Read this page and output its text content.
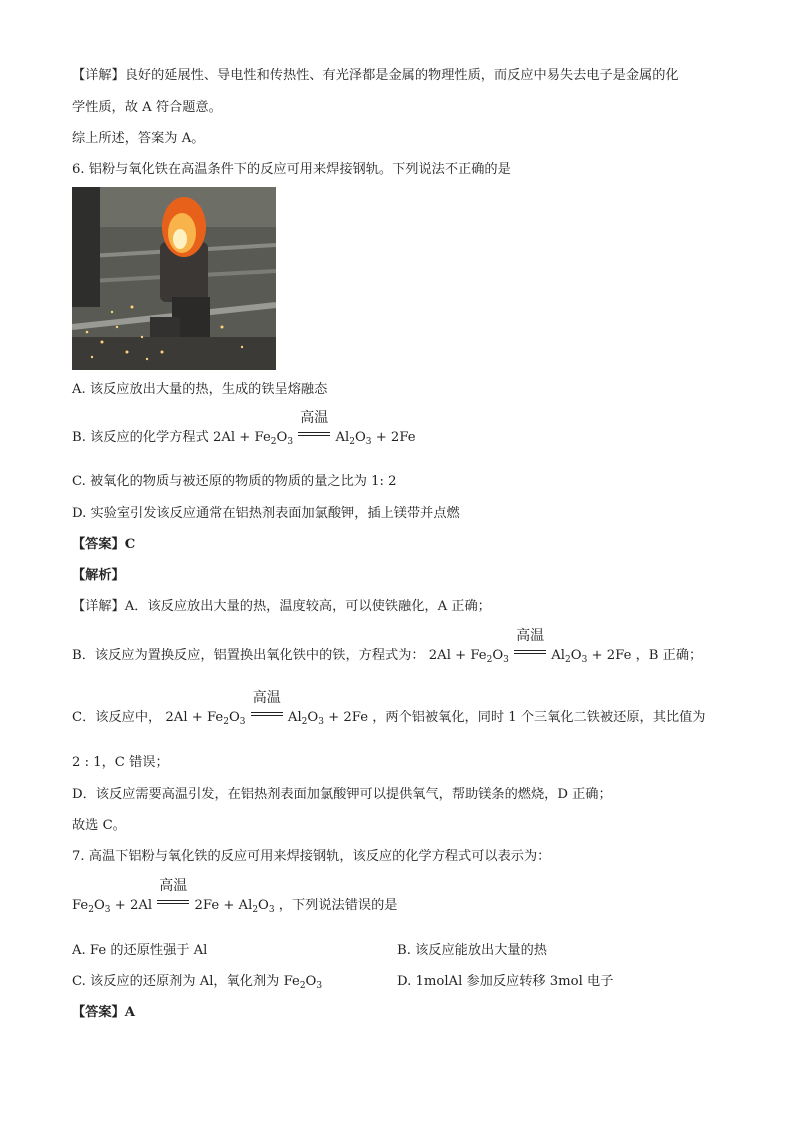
【详解】良好的延展性、导电性和传热性、有光泽都是金属的物理性质，而反应中易失去电子是金属的化
学性质，故 A 符合题意。
综上所述，答案为 A。
6. 铝粉与氧化铁在高温条件下的反应可用来焊接钢轨。下列说法不正确的是
A. 该反应放出大量的热，生成的铁呈熔融态
B. 该反应的化学方程式 $2Al + Fe_2O_3$
高温
$Al_2O_3 + 2Fe$
C. 被氧化的物质与被还原的物质的物质的量之比为 1: 2
D. 实验室引发该反应通常在铝热剂表面加氯酸钾，插上镁带并点燃
【答案】C
【解析】
【详解】A．该反应放出大量的热，温度较高，可以使铁融化，A 正确；
B．该反应为置换反应，铝置换出氧化铁中的铁，方程式为： $2Al + Fe_2O_3$
高温
$Al_2O_3 + 2Fe$ ，B 正确；
C．该反应中， $2Al + Fe_2O_3$
高温
$Al_2O_3 + 2Fe$ ，两个铝被氧化，同时 1 个三氧化二铁被还原，其比值为
2 : 1，C 错误；
D．该反应需要高温引发，在铝热剂表面加氯酸钾可以提供氧气，帮助镁条的燃烧，D 正确；
故选 C。
7. 高温下铝粉与氧化铁的反应可用来焊接钢轨，该反应的化学方程式可以表示为：
$Fe_2O_3 + 2Al$
高温
$2Fe + Al_2O_3$ ，下列说法错误的是
A. Fe 的还原性强于 Al	B. 该反应能放出大量的热
C. 该反应的还原剂为 Al，氧化剂为 $Fe_2O_3$	D. 1molAl 参加反应转移 3mol 电子
【答案】A
